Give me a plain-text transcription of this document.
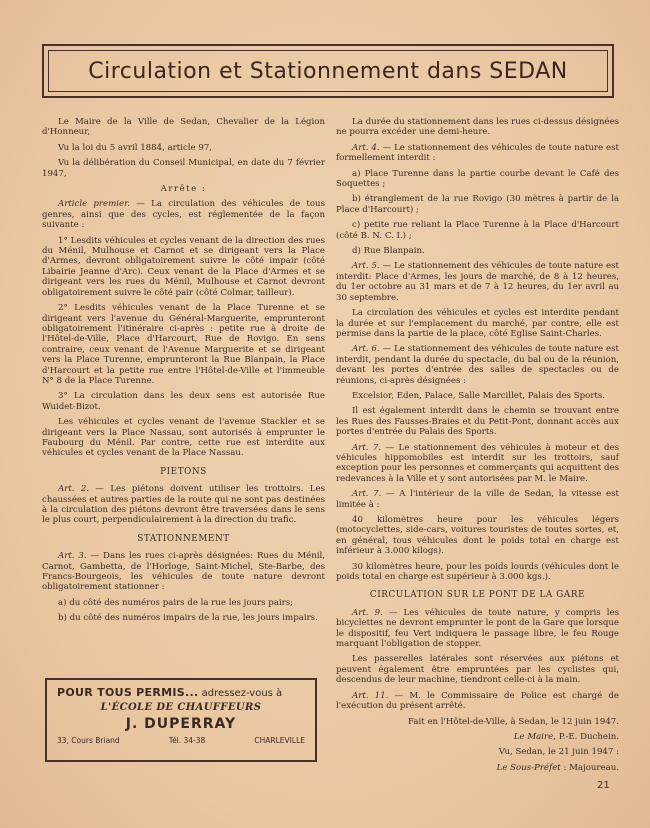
Circulation et Stationnement dans SEDAN

Le Maire de la Ville de Sedan, Chevalier de la Légion d'Honneur,

Vu la loi du 5 avril 1884, article 97,

Vu la délibération du Conseil Municipal, en date du 7 février 1947,

Arrête :

Article premier. — La circulation des véhicules de tous genres, ainsi que des cycles, est réglementée de la façon suivante :

1° Lesdits véhicules et cycles venant de la direction des rues du Ménil, Mulhouse et Carnot et se dirigeant vers la Place d'Armes, devront obligatoirement suivre le côté impair (côté Libairie Jeanne d'Arc). Ceux venant de la Place d'Armes et se dirigeant vers les rues du Ménil, Mulhouse et Carnot devront obligatoirement suivre le côté pair (côté Colmar, tailleur).

2° Lesdits véhicules venant de la Place Turenne et se dirigeant vers l'avenue du Général-Marguerite, emprunteront obligatoirement l'itinéraire ci-après : petite rue à droite de l'Hôtel-de-Ville, Place d'Harcourt, Rue de Rovigo. En sens contraire, ceux venant de l'Avenue Marguerite et se dirigeant vers la Place Turenne, emprunteront la Rue Blanpain, la Place d'Harcourt et la petite rue entre l'Hôtel-de-Ville et l'immeuble N° 8 de la Place Turenne.

3° La circulation dans les deux sens est autorisée Rue Wuidet-Bizot.

Les véhicules et cycles venant de l'avenue Stackler et se dirigeant vers la Place Nassau, sont autorisés à emprunter le Faubourg du Ménil. Par contre, cette rue est interdite aux véhicules et cycles venant de la Place Nassau.

PIETONS

Art. 2. — Les piétons doivent utiliser les trottoirs. Les chaussées et autres parties de la route qui ne sont pas destinées à la circulation des piétons devront être traversées dans le sens le plus court, perpendiculairement à la direction du trafic.

STATIONNEMENT

Art. 3. — Dans les rues ci-après désignées: Rues du Ménil, Carnot, Gambetta, de l'Horloge, Saint-Michel, Ste-Barbe, des Francs-Bourgeois, les véhicules de toute nature devront obligatoirement stationner :

a) du côté des numéros pairs de la rue les jours pairs;

b) du côté des numéros impairs de la rue, les jours impairs.

POUR TOUS PERMIS... adressez-vous à
L'ÉCOLE DE CHAUFFEURS
J. DUPERRAY
33, Cours Briand	Tél. 34-38	CHARLEVILLE

La durée du stationnement dans les rues ci-dessus désignées ne pourra excéder une demi-heure.

Art. 4. — Le stationnement des véhicules de toute nature est formellement interdit :

a) Place Turenne dans la partie courbe devant le Café des Soquettes ;

b) étranglement de la rue Rovigo (30 mètres à partir de la Place d'Harcourt) ;

c) petite rue reliant la Place Turenne à la Place d'Harcourt (côté B. N. C. I.) ;

d) Rue Blanpain.

Art. 5. — Le stationnement des véhicules de toute nature est interdit: Place d'Armes, les jours de marché, de 8 à 12 heures, du 1er octobre au 31 mars et de 7 à 12 heures, du 1er avril au 30 septembre.

La circulation des véhicules et cycles est interdite pendant la durée et sur l'emplacement du marché, par contre, elle est permise dans la partie de la place, côté Eglise Saint-Charles.

Art. 6. — Le stationnement des véhicules de toute nature est interdit, pendant la durée du spectacle, du bal ou de la réunion, devant les portes d'entrée des salles de spectacles ou de réunions, ci-après désignées :

Excelsior, Eden, Palace, Salle Marcillet, Palais des Sports.

Il est également interdit dans le chemin se trouvant entre les Rues des Fausses-Braies et du Petit-Pont, donnant accès aux portes d'entrée du Palais des Sports.

Art. 7. — Le stationnement des véhicules à moteur et des véhicules hippomobiles est interdit sur les trottoirs, sauf exception pour les personnes et commerçants qui acquittent des redevances à la Ville et y sont autorisées par M. le Maire.

Art. 7. — A l'intérieur de la ville de Sedan, la vitesse est limitée à :

40 kilomètres heure pour les véhicules légers (motocyclettes, side-cars, voitures touristes de toutes sortes, et, en général, tous véhicules dont le poids total en charge est inférieur à 3.000 kilogs).

30 kilomètres heure, pour les poids lourds (véhicules dont le poids total en charge est supérieur à 3.000 kgs.).

CIRCULATION SUR LE PONT DE LA GARE

Art. 9. — Les véhicules de toute nature, y compris les bicyclettes ne devront emprunter le pont de la Gare que lorsque le dispositif, feu Vert indiquera le passage libre, le feu Rouge marquant l'obligation de stopper.

Les passerelles latérales sont réservées aux piétons et peuvent également être empruntées par les cyclistes qui, descendus de leur machine, tiendront celle-ci à la main.

Art. 11. — M. le Commissaire de Police est chargé de l'exécution du présent arrêté.

Fait en l'Hôtel-de-Ville, à Sedan, le 12 juin 1947.

Le Maire, P.-E. Duchein.

Vu, Sedan, le 21 juin 1947 :

Le Sous-Préfet : Majoureau.

21
